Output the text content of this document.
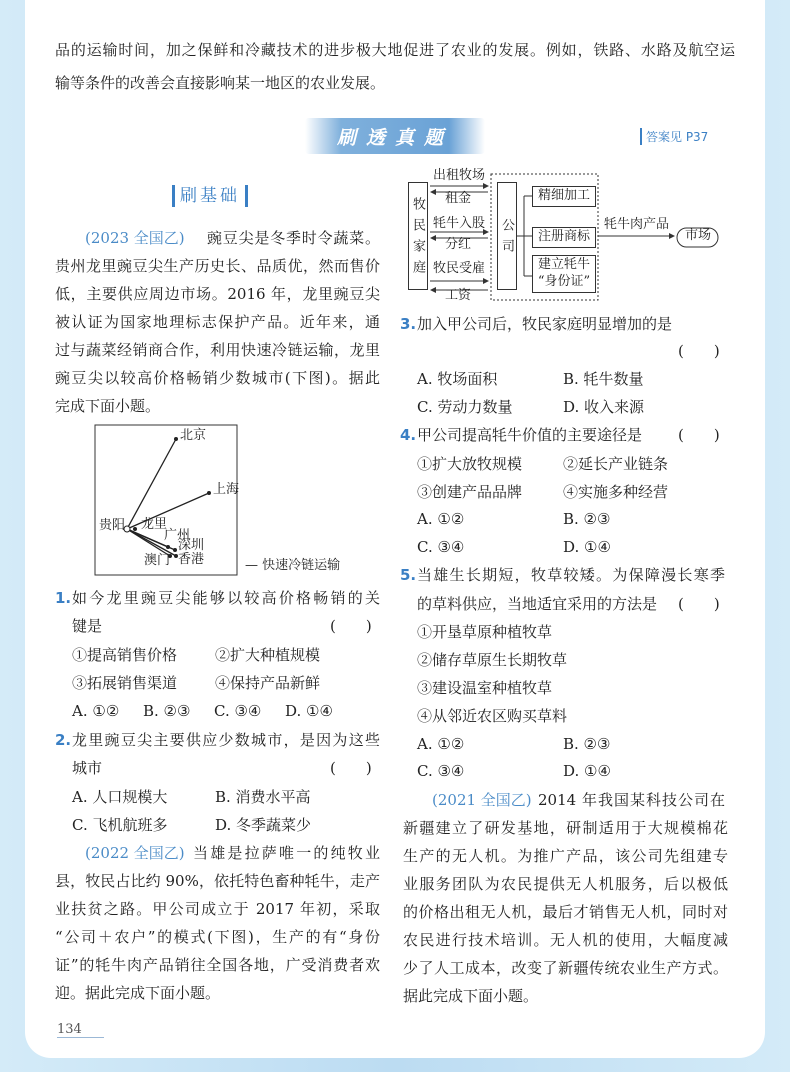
刷透真题	答案见 P37
刷基础
134
品的运输时间，加之保鲜和冷藏技术的进步极大地促进了农业的发展。例如，铁路、水路及航空运
输等条件的改善会直接影响某一地区的农业发展。
(2023 全国乙) 豌豆尖是冬季时令蔬菜。
贵州龙里豌豆尖生产历史长、品质优，然而售价
低，主要供应周边市场。2016 年，龙里豌豆尖
被认证为国家地理标志保护产品。近年来，通
过与蔬菜经销商合作，利用快速冷链运输，龙里
豌豆尖以较高价格畅销少数城市(下图)。据此
完成下面小题。
贵阳
北京
上海
龙里
广州
深圳
澳门 香港	— 快速冷链运输
1. 如今龙里豌豆尖能够以较高价格畅销的关
键是	(　　)
①提高销售价格	②扩大种植规模
③拓展销售渠道	④保持产品新鲜
A. ①② B. ②③ C. ③④ D. ①④
2. 龙里豌豆尖主要供应少数城市，是因为这些
城市	(　　)
A. 人口规模大	B. 消费水平高
C. 飞机航班多	D. 冬季蔬菜少
(2022 全国乙) 当雄是拉萨唯一的纯牧业
县，牧民占比约 90%，依托特色畜种牦牛，走产
业扶贫之路。甲公司成立于 2017 年初，采取
“公司＋农户”的模式(下图)，生产的有“身份
证”的牦牛肉产品销往全国各地，广受消费者欢
迎。据此完成下面小题。
牧民家庭	公司
精细加工
注册商标
建立牦牛
“身份证”
出租牧场
租金
牦牛入股
分红
牧民受雇
工资
牦牛肉产品
市场
3. 加入甲公司后，牧民家庭明显增加的是
(　　)
A. 牧场面积	B. 牦牛数量
C. 劳动力数量	D. 收入来源
4. 甲公司提高牦牛价值的主要途径是 (　　)
①扩大放牧规模	②延长产业链条
③创建产品品牌	④实施多种经营
A. ①②	B. ②③
C. ③④	D. ①④
5. 当雄生长期短，牧草较矮。为保障漫长寒季
的草料供应，当地适宜采用的方法是 (　　)
①开垦草原种植牧草
②储存草原生长期牧草
③建设温室种植牧草
④从邻近农区购买草料
A. ①②	B. ②③
C. ③④	D. ①④
(2021 全国乙) 2014 年我国某科技公司在
新疆建立了研发基地，研制适用于大规模棉花
生产的无人机。为推广产品，该公司先组建专
业服务团队为农民提供无人机服务，后以极低
的价格出租无人机，最后才销售无人机，同时对
农民进行技术培训。无人机的使用，大幅度减
少了人工成本，改变了新疆传统农业生产方式。
据此完成下面小题。
